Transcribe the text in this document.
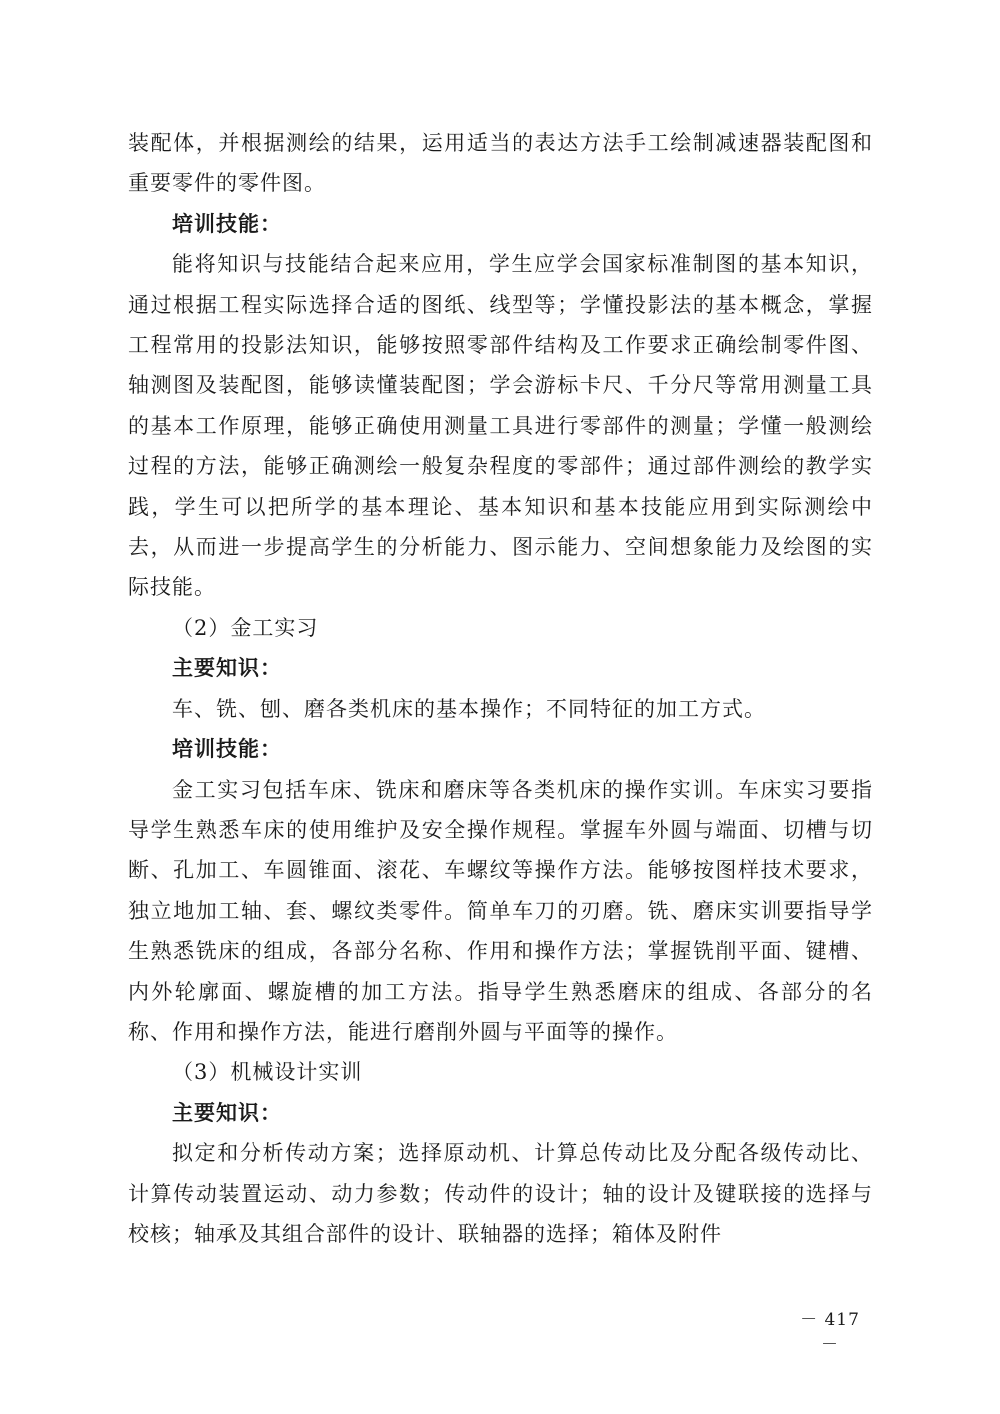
装配体，并根据测绘的结果，运用适当的表达方法手工绘制减速器装配图和重要零件的零件图。

培训技能：

能将知识与技能结合起来应用，学生应学会国家标准制图的基本知识，通过根据工程实际选择合适的图纸、线型等；学懂投影法的基本概念，掌握工程常用的投影法知识，能够按照零部件结构及工作要求正确绘制零件图、轴测图及装配图，能够读懂装配图；学会游标卡尺、千分尺等常用测量工具的基本工作原理，能够正确使用测量工具进行零部件的测量；学懂一般测绘过程的方法，能够正确测绘一般复杂程度的零部件；通过部件测绘的教学实践，学生可以把所学的基本理论、基本知识和基本技能应用到实际测绘中去，从而进一步提高学生的分析能力、图示能力、空间想象能力及绘图的实际技能。

（2）金工实习

主要知识：

车、铣、刨、磨各类机床的基本操作；不同特征的加工方式。

培训技能：

金工实习包括车床、铣床和磨床等各类机床的操作实训。车床实习要指导学生熟悉车床的使用维护及安全操作规程。掌握车外圆与端面、切槽与切断、孔加工、车圆锥面、滚花、车螺纹等操作方法。能够按图样技术要求，独立地加工轴、套、螺纹类零件。简单车刀的刃磨。铣、磨床实训要指导学生熟悉铣床的组成，各部分名称、作用和操作方法；掌握铣削平面、键槽、内外轮廓面、螺旋槽的加工方法。指导学生熟悉磨床的组成、各部分的名称、作用和操作方法，能进行磨削外圆与平面等的操作。

（3）机械设计实训

主要知识：

拟定和分析传动方案；选择原动机、计算总传动比及分配各级传动比、计算传动装置运动、动力参数；传动件的设计；轴的设计及键联接的选择与校核；轴承及其组合部件的设计、联轴器的选择；箱体及附件

－ 417 －
